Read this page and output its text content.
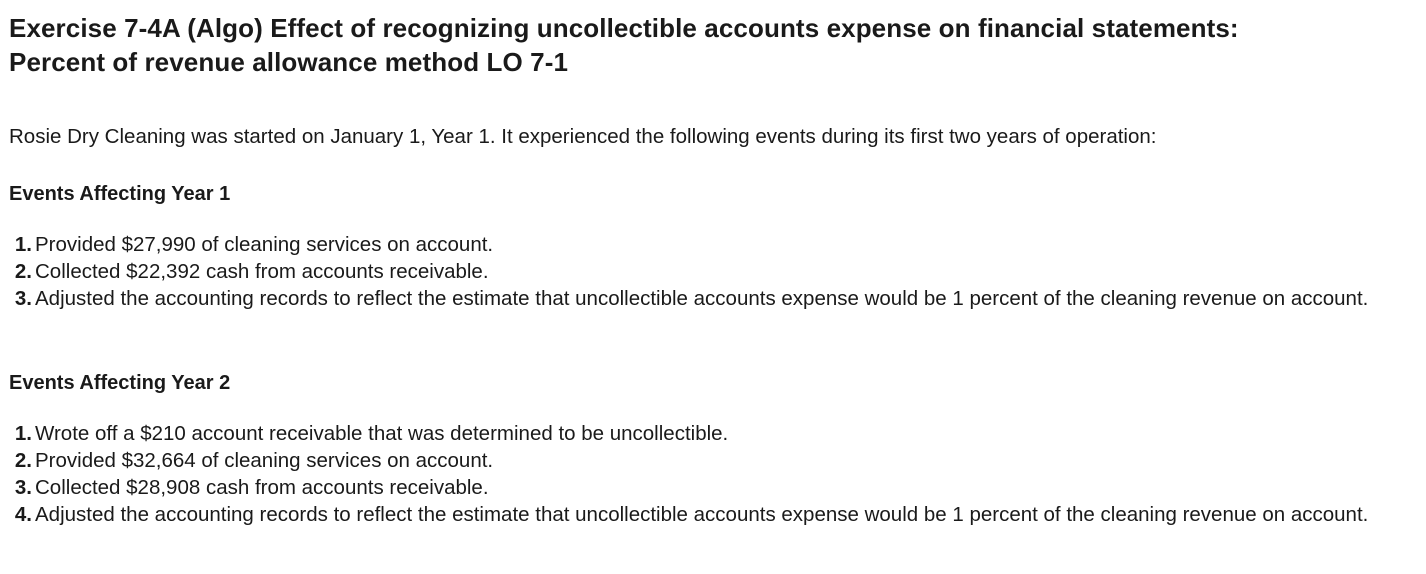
Exercise 7-4A (Algo) Effect of recognizing uncollectible accounts expense on financial statements:
Percent of revenue allowance method LO 7-1

Rosie Dry Cleaning was started on January 1, Year 1. It experienced the following events during its first two years of operation:

Events Affecting Year 1
1. Provided $27,990 of cleaning services on account.
2. Collected $22,392 cash from accounts receivable.
3. Adjusted the accounting records to reflect the estimate that uncollectible accounts expense would be 1 percent of the cleaning revenue on account.
Events Affecting Year 2
1. Wrote off a $210 account receivable that was determined to be uncollectible.
2. Provided $32,664 of cleaning services on account.
3. Collected $28,908 cash from accounts receivable.
4. Adjusted the accounting records to reflect the estimate that uncollectible accounts expense would be 1 percent of the cleaning revenue on account.
